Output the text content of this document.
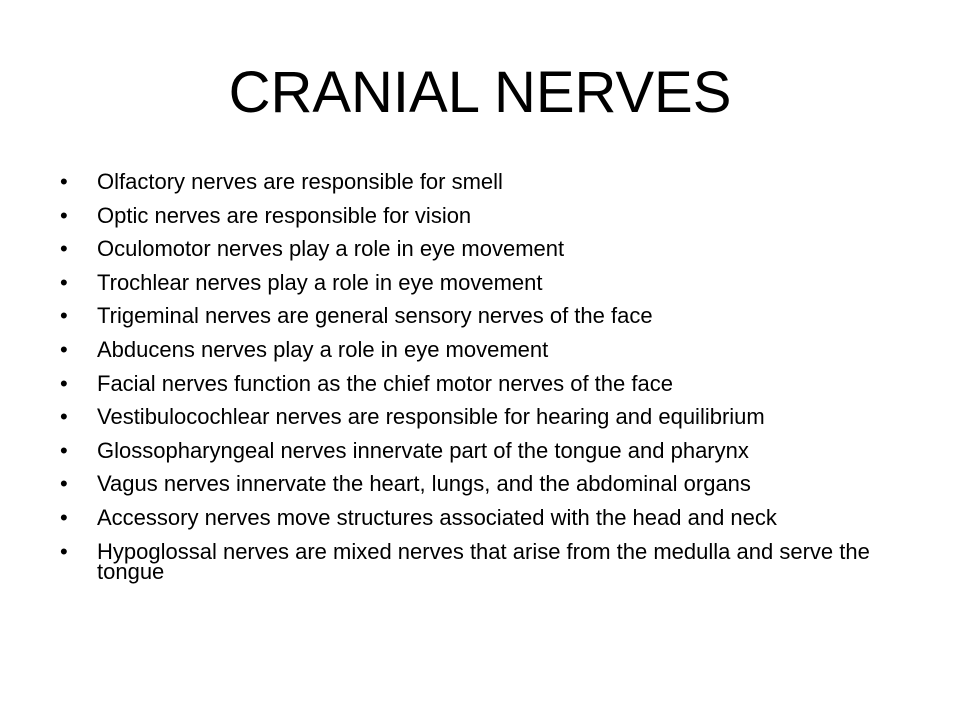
CRANIAL NERVES
•	Olfactory nerves are responsible for smell
•	Optic nerves are responsible for vision
•	Oculomotor nerves play a role in eye movement
•	Trochlear nerves play a role in eye movement
•	Trigeminal nerves are general sensory nerves of the face
•	Abducens nerves play a role in eye movement
•	Facial nerves function as the chief motor nerves of the face
•	Vestibulocochlear nerves are responsible for hearing and equilibrium
•	Glossopharyngeal nerves innervate part of the tongue and pharynx
•	Vagus nerves innervate the heart, lungs, and the abdominal organs
•	Accessory nerves move structures associated with the head and neck
•	Hypoglossal nerves are mixed nerves that arise from the medulla and serve the tongue
